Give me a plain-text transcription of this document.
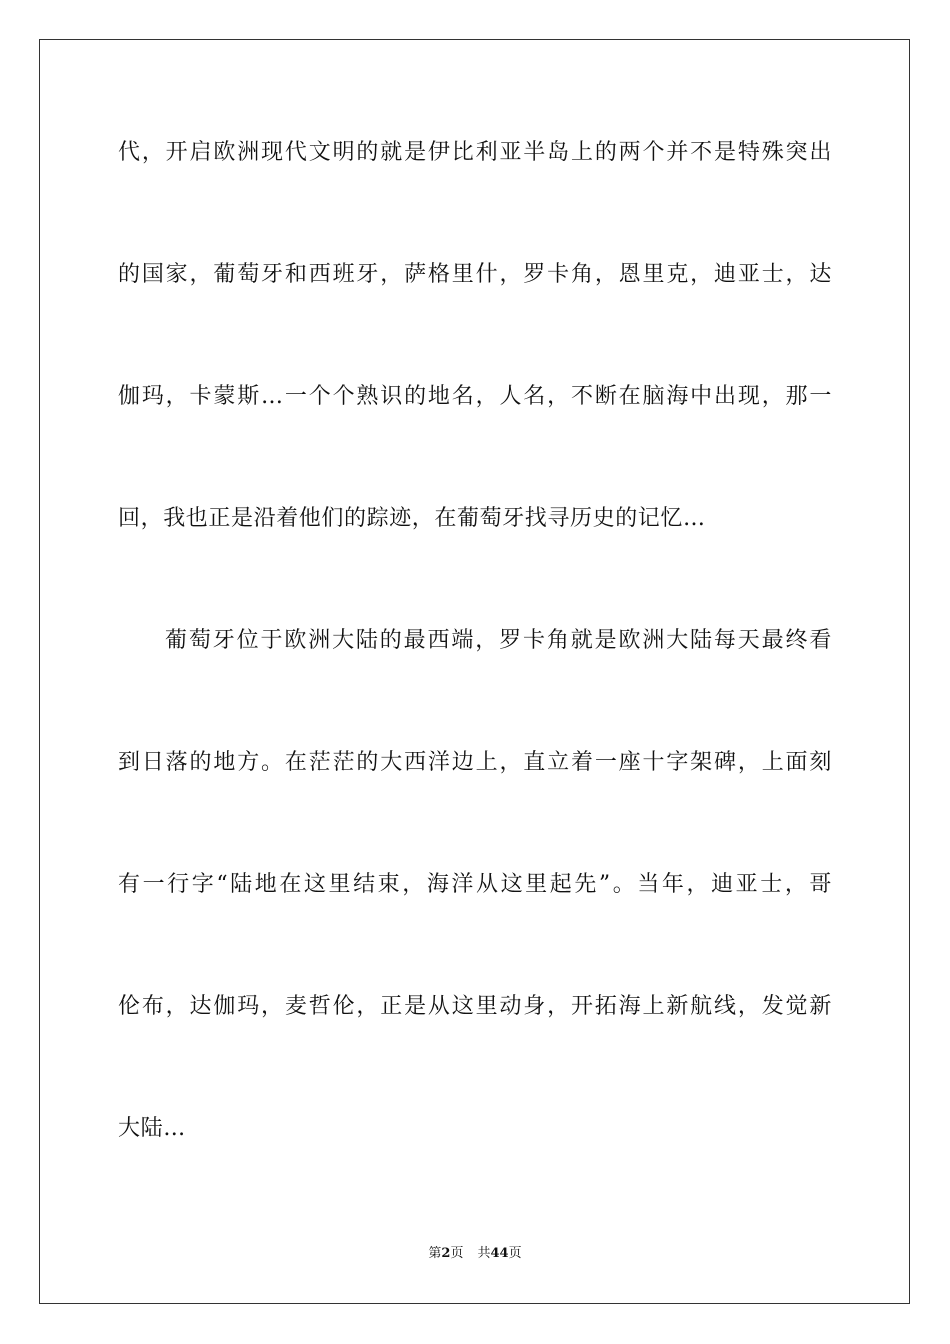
代，开启欧洲现代文明的就是伊比利亚半岛上的两个并不是特殊突出
的国家，葡萄牙和西班牙，萨格里什，罗卡角，恩里克，迪亚士，达
伽玛，卡蒙斯…一个个熟识的地名，人名，不断在脑海中出现，那一
回，我也正是沿着他们的踪迹，在葡萄牙找寻历史的记忆…
葡萄牙位于欧洲大陆的最西端，罗卡角就是欧洲大陆每天最终看
到日落的地方。在茫茫的大西洋边上，直立着一座十字架碑，上面刻
有一行字“陆地在这里结束，海洋从这里起先”。当年，迪亚士，哥
伦布，达伽玛，麦哲伦，正是从这里动身，开拓海上新航线，发觉新
大陆…
第2页 共44页
